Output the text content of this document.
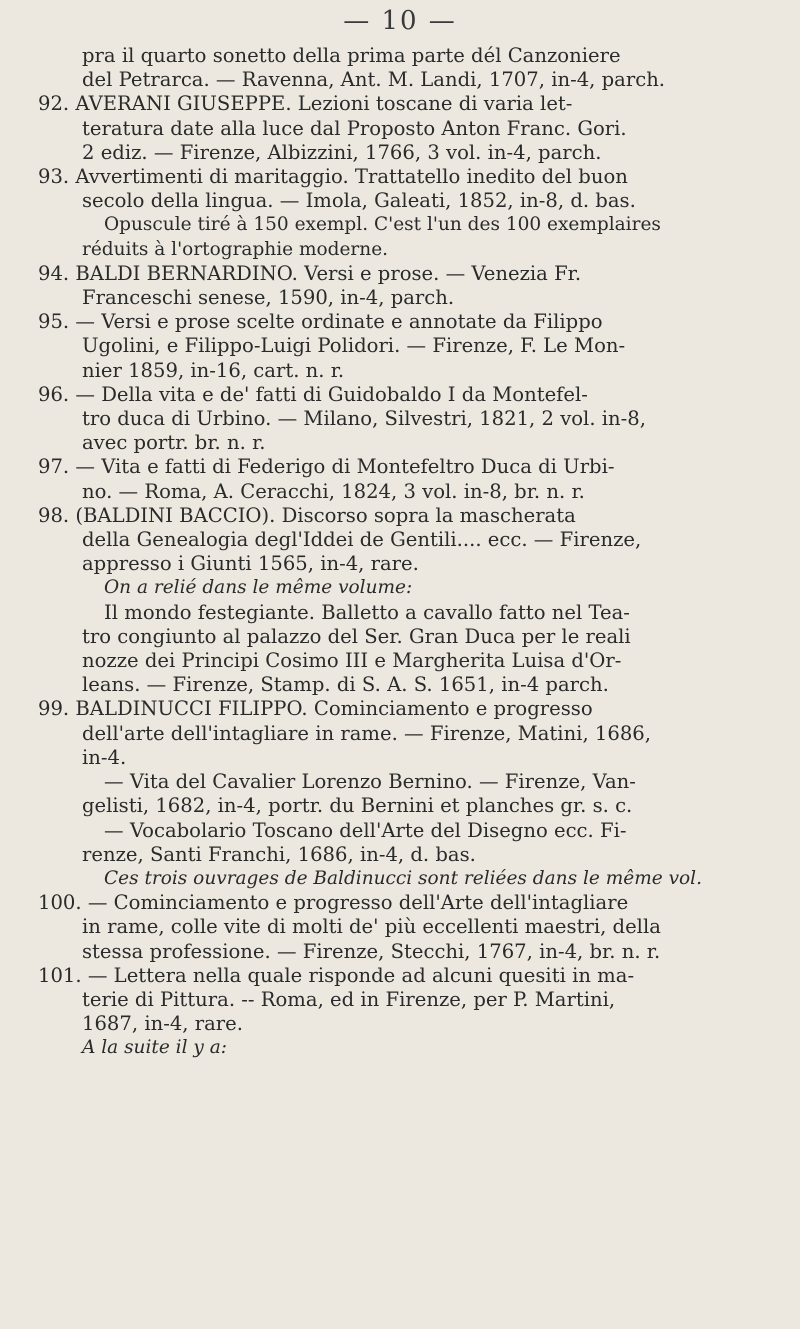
— 10 —
pra il quarto sonetto della prima parte dél Canzoniere
del Petrarca. — Ravenna, Ant. M. Landi, 1707, in-4, parch.
92. AVERANI GIUSEPPE. Lezioni toscane di varia let-
teratura date alla luce dal Proposto Anton Franc. Gori.
2 ediz. — Firenze, Albizzini, 1766, 3 vol. in-4, parch.
93. Avvertimenti di maritaggio. Trattatello inedito del buon
secolo della lingua. — Imola, Galeati, 1852, in-8, d. bas.
Opuscule tiré à 150 exempl. C'est l'un des 100 exemplaires
réduits à l'ortographie moderne.
94. BALDI BERNARDINO. Versi e prose. — Venezia Fr.
Franceschi senese, 1590, in-4, parch.
95. — Versi e prose scelte ordinate e annotate da Filippo
Ugolini, e Filippo-Luigi Polidori. — Firenze, F. Le Mon-
nier 1859, in-16, cart. n. r.
96. — Della vita e de' fatti di Guidobaldo I da Montefel-
tro duca di Urbino. — Milano, Silvestri, 1821, 2 vol. in-8,
avec portr. br. n. r.
97. — Vita e fatti di Federigo di Montefeltro Duca di Urbi-
no. — Roma, A. Ceracchi, 1824, 3 vol. in-8, br. n. r.
98. (BALDINI BACCIO). Discorso sopra la mascherata
della Genealogia degl'Iddei de Gentili.... ecc. — Firenze,
appresso i Giunti 1565, in-4, rare.
On a relié dans le même volume:
Il mondo festegiante. Balletto a cavallo fatto nel Tea-
tro congiunto al palazzo del Ser. Gran Duca per le reali
nozze dei Principi Cosimo III e Margherita Luisa d'Or-
leans. — Firenze, Stamp. di S. A. S. 1651, in-4 parch.
99. BALDINUCCI FILIPPO. Cominciamento e progresso
dell'arte dell'intagliare in rame. — Firenze, Matini, 1686,
in-4.
— Vita del Cavalier Lorenzo Bernino. — Firenze, Van-
gelisti, 1682, in-4, portr. du Bernini et planches gr. s. c.
— Vocabolario Toscano dell'Arte del Disegno ecc. Fi-
renze, Santi Franchi, 1686, in-4, d. bas.
Ces trois ouvrages de Baldinucci sont reliées dans le même vol.
100. — Cominciamento e progresso dell'Arte dell'intagliare
in rame, colle vite di molti de' più eccellenti maestri, della
stessa professione. — Firenze, Stecchi, 1767, in-4, br. n. r.
101. — Lettera nella quale risponde ad alcuni quesiti in ma-
terie di Pittura. -- Roma, ed in Firenze, per P. Martini,
1687, in-4, rare.
A la suite il y a:
